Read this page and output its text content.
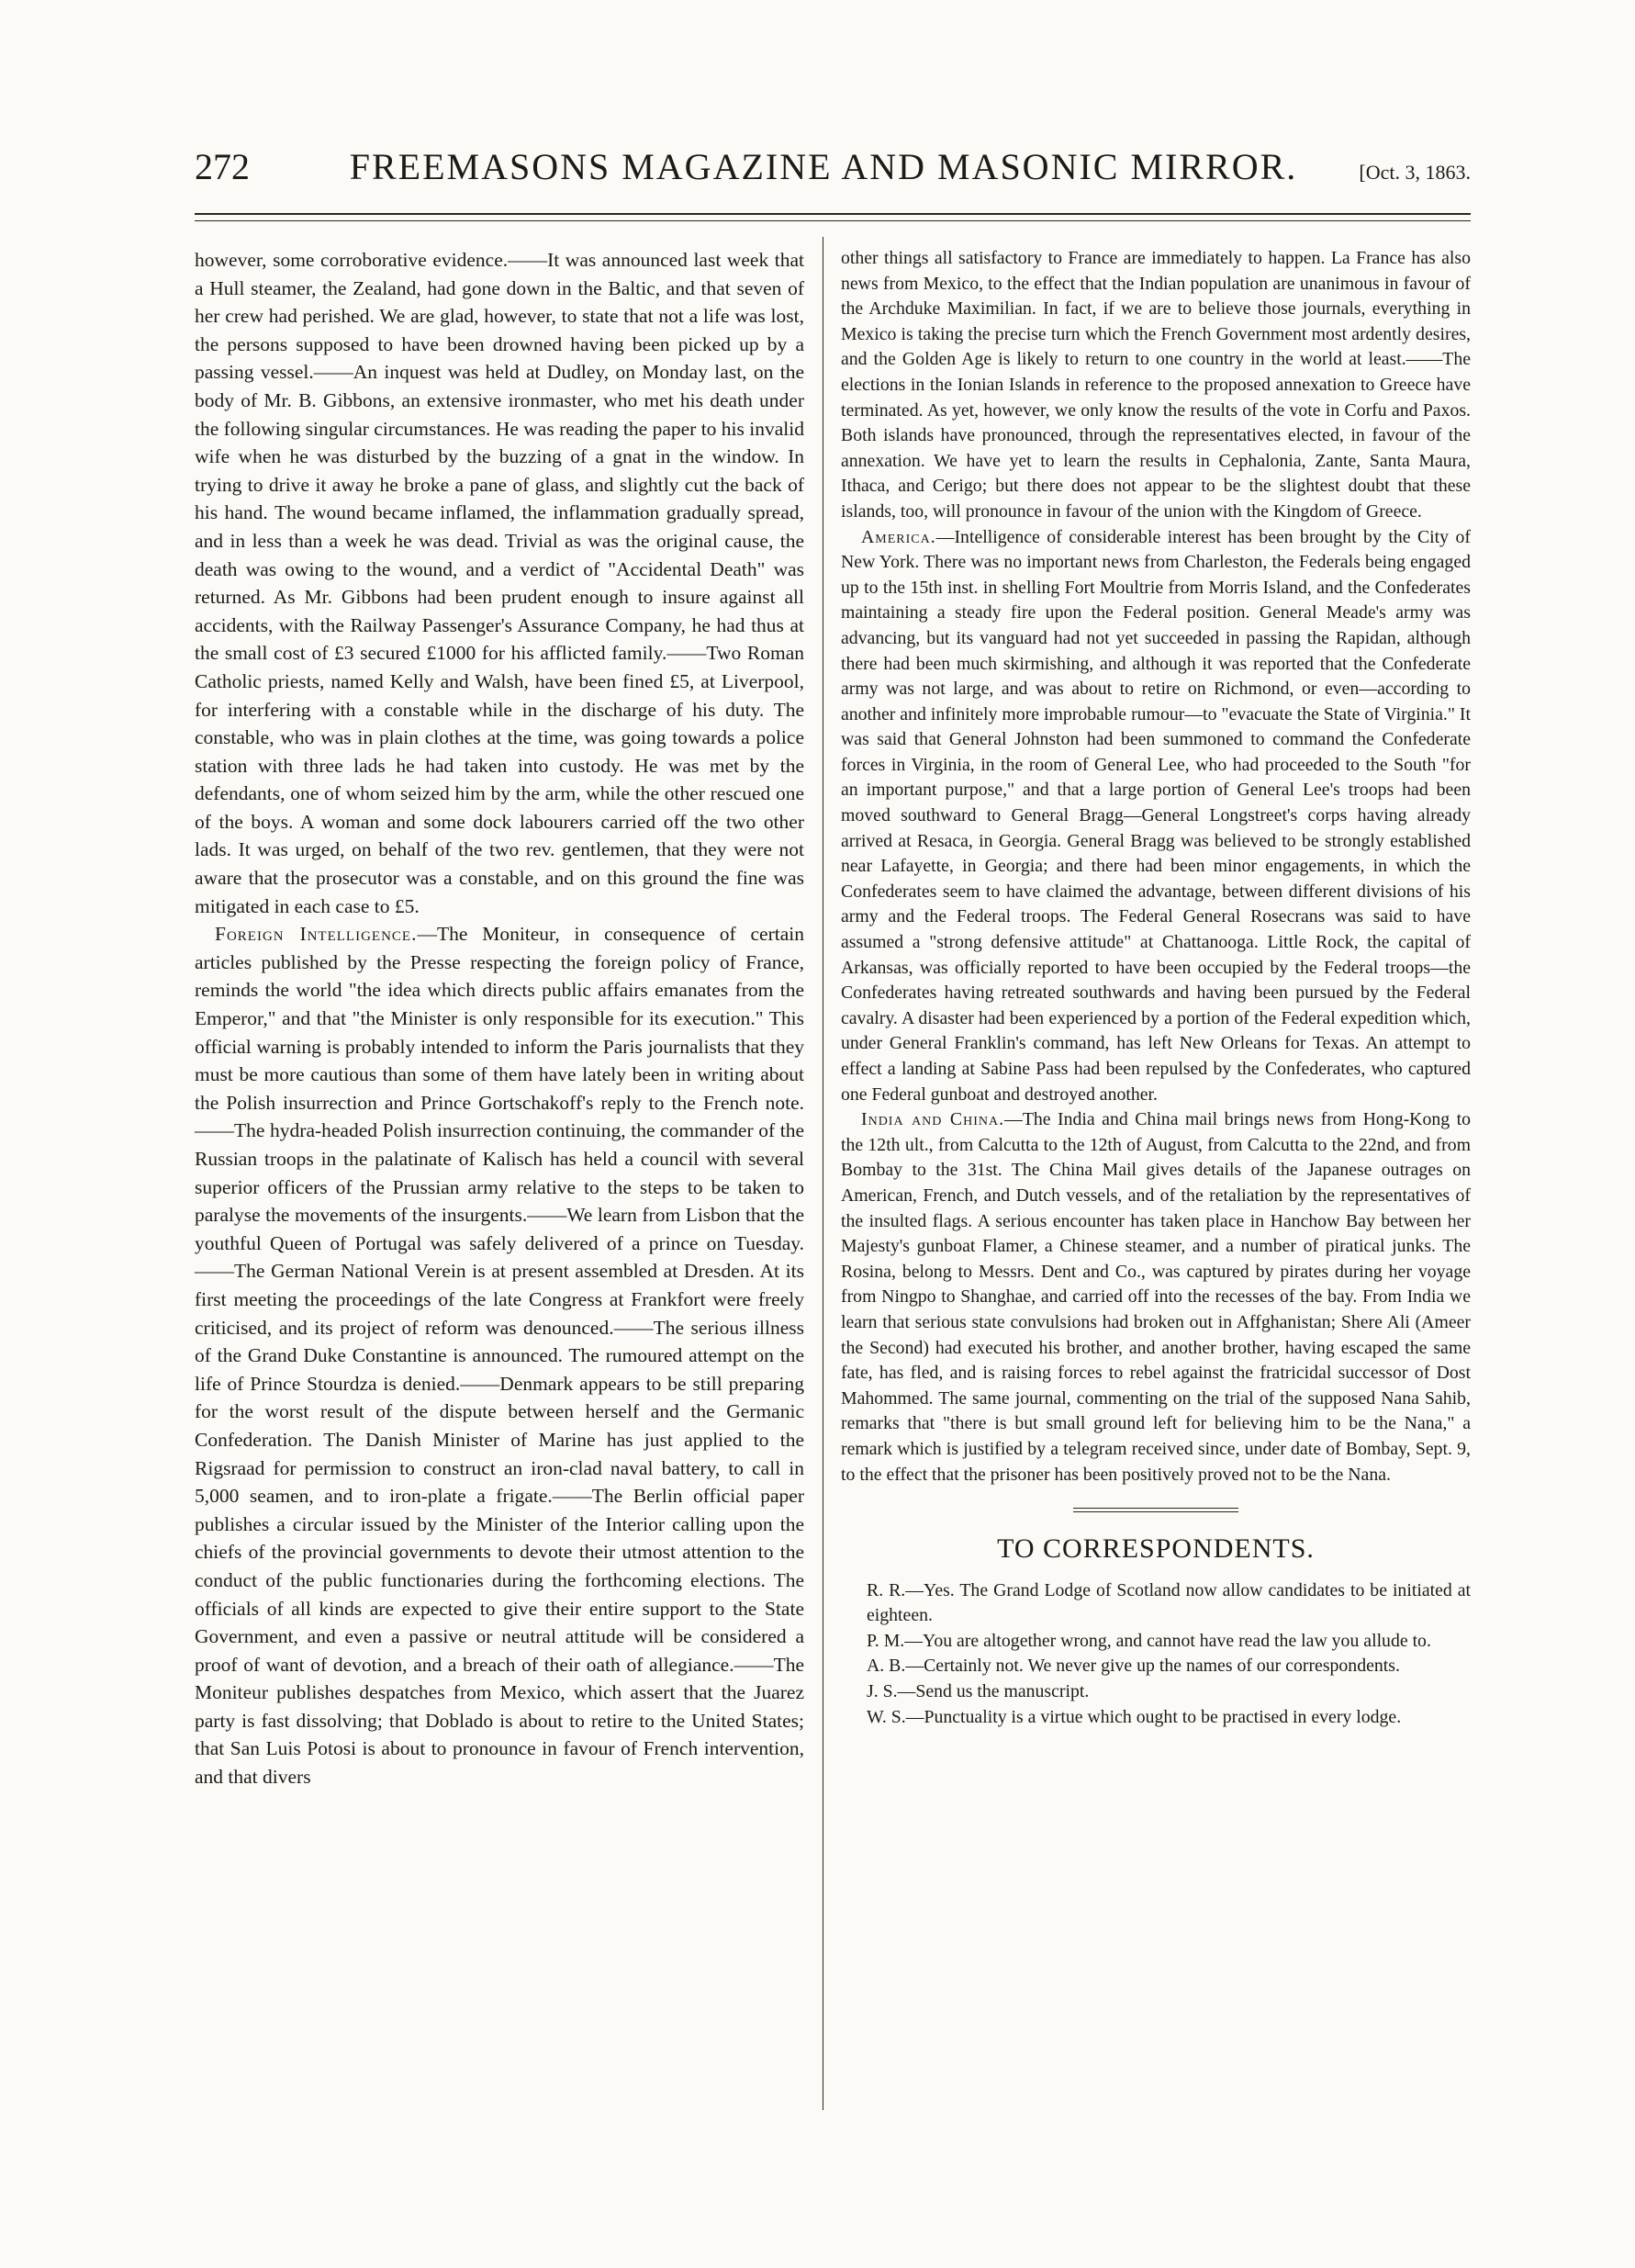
272	FREEMASONS MAGAZINE AND MASONIC MIRROR.	[Oct. 3, 1863.

however, some corroborative evidence.——It was announced last week that a Hull steamer, the Zealand, had gone down in the Baltic, and that seven of her crew had perished. We are glad, however, to state that not a life was lost, the persons supposed to have been drowned having been picked up by a passing vessel.——An inquest was held at Dudley, on Monday last, on the body of Mr. B. Gibbons, an extensive ironmaster, who met his death under the following singular circumstances. He was reading the paper to his invalid wife when he was disturbed by the buzzing of a gnat in the window. In trying to drive it away he broke a pane of glass, and slightly cut the back of his hand. The wound became inflamed, the inflammation gradually spread, and in less than a week he was dead. Trivial as was the original cause, the death was owing to the wound, and a verdict of "Accidental Death" was returned. As Mr. Gibbons had been prudent enough to insure against all accidents, with the Railway Passenger's Assurance Company, he had thus at the small cost of £3 secured £1000 for his afflicted family.——Two Roman Catholic priests, named Kelly and Walsh, have been fined £5, at Liverpool, for interfering with a constable while in the discharge of his duty. The constable, who was in plain clothes at the time, was going towards a police station with three lads he had taken into custody. He was met by the defendants, one of whom seized him by the arm, while the other rescued one of the boys. A woman and some dock labourers carried off the two other lads. It was urged, on behalf of the two rev. gentlemen, that they were not aware that the prosecutor was a constable, and on this ground the fine was mitigated in each case to £5.

Foreign Intelligence.—The Moniteur, in consequence of certain articles published by the Presse respecting the foreign policy of France, reminds the world "the idea which directs public affairs emanates from the Emperor," and that "the Minister is only responsible for its execution." This official warning is probably intended to inform the Paris journalists that they must be more cautious than some of them have lately been in writing about the Polish insurrection and Prince Gortschakoff's reply to the French note.——The hydra-headed Polish insurrection continuing, the commander of the Russian troops in the palatinate of Kalisch has held a council with several superior officers of the Prussian army relative to the steps to be taken to paralyse the movements of the insurgents.——We learn from Lisbon that the youthful Queen of Portugal was safely delivered of a prince on Tuesday.——The German National Verein is at present assembled at Dresden. At its first meeting the proceedings of the late Congress at Frankfort were freely criticised, and its project of reform was denounced.——The serious illness of the Grand Duke Constantine is announced. The rumoured attempt on the life of Prince Stourdza is denied.——Denmark appears to be still preparing for the worst result of the dispute between herself and the Germanic Confederation. The Danish Minister of Marine has just applied to the Rigsraad for permission to construct an iron-clad naval battery, to call in 5,000 seamen, and to iron-plate a frigate.——The Berlin official paper publishes a circular issued by the Minister of the Interior calling upon the chiefs of the provincial governments to devote their utmost attention to the conduct of the public functionaries during the forthcoming elections. The officials of all kinds are expected to give their entire support to the State Government, and even a passive or neutral attitude will be considered a proof of want of devotion, and a breach of their oath of allegiance.——The Moniteur publishes despatches from Mexico, which assert that the Juarez party is fast dissolving; that Doblado is about to retire to the United States; that San Luis Potosi is about to pronounce in favour of French intervention, and that divers

other things all satisfactory to France are immediately to happen. La France has also news from Mexico, to the effect that the Indian population are unanimous in favour of the Archduke Maximilian. In fact, if we are to believe those journals, everything in Mexico is taking the precise turn which the French Government most ardently desires, and the Golden Age is likely to return to one country in the world at least.——The elections in the Ionian Islands in reference to the proposed annexation to Greece have terminated. As yet, however, we only know the results of the vote in Corfu and Paxos. Both islands have pronounced, through the representatives elected, in favour of the annexation. We have yet to learn the results in Cephalonia, Zante, Santa Maura, Ithaca, and Cerigo; but there does not appear to be the slightest doubt that these islands, too, will pronounce in favour of the union with the Kingdom of Greece.

America.—Intelligence of considerable interest has been brought by the City of New York. There was no important news from Charleston, the Federals being engaged up to the 15th inst. in shelling Fort Moultrie from Morris Island, and the Confederates maintaining a steady fire upon the Federal position. General Meade's army was advancing, but its vanguard had not yet succeeded in passing the Rapidan, although there had been much skirmishing, and although it was reported that the Confederate army was not large, and was about to retire on Richmond, or even—according to another and infinitely more improbable rumour—to "evacuate the State of Virginia." It was said that General Johnston had been summoned to command the Confederate forces in Virginia, in the room of General Lee, who had proceeded to the South "for an important purpose," and that a large portion of General Lee's troops had been moved southward to General Bragg—General Longstreet's corps having already arrived at Resaca, in Georgia. General Bragg was believed to be strongly established near Lafayette, in Georgia; and there had been minor engagements, in which the Confederates seem to have claimed the advantage, between different divisions of his army and the Federal troops. The Federal General Rosecrans was said to have assumed a "strong defensive attitude" at Chattanooga. Little Rock, the capital of Arkansas, was officially reported to have been occupied by the Federal troops—the Confederates having retreated southwards and having been pursued by the Federal cavalry. A disaster had been experienced by a portion of the Federal expedition which, under General Franklin's command, has left New Orleans for Texas. An attempt to effect a landing at Sabine Pass had been repulsed by the Confederates, who captured one Federal gunboat and destroyed another.

India and China.—The India and China mail brings news from Hong-Kong to the 12th ult., from Calcutta to the 12th of August, from Calcutta to the 22nd, and from Bombay to the 31st. The China Mail gives details of the Japanese outrages on American, French, and Dutch vessels, and of the retaliation by the representatives of the insulted flags. A serious encounter has taken place in Hanchow Bay between her Majesty's gunboat Flamer, a Chinese steamer, and a number of piratical junks. The Rosina, belong to Messrs. Dent and Co., was captured by pirates during her voyage from Ningpo to Shanghae, and carried off into the recesses of the bay. From India we learn that serious state convulsions had broken out in Affghanistan; Shere Ali (Ameer the Second) had executed his brother, and another brother, having escaped the same fate, has fled, and is raising forces to rebel against the fratricidal successor of Dost Mahommed. The same journal, commenting on the trial of the supposed Nana Sahib, remarks that "there is but small ground left for believing him to be the Nana," a remark which is justified by a telegram received since, under date of Bombay, Sept. 9, to the effect that the prisoner has been positively proved not to be the Nana.

TO CORRESPONDENTS.

R. R.—Yes. The Grand Lodge of Scotland now allow candidates to be initiated at eighteen.

P. M.—You are altogether wrong, and cannot have read the law you allude to.

A. B.—Certainly not. We never give up the names of our correspondents.

J. S.—Send us the manuscript.

W. S.—Punctuality is a virtue which ought to be practised in every lodge.
